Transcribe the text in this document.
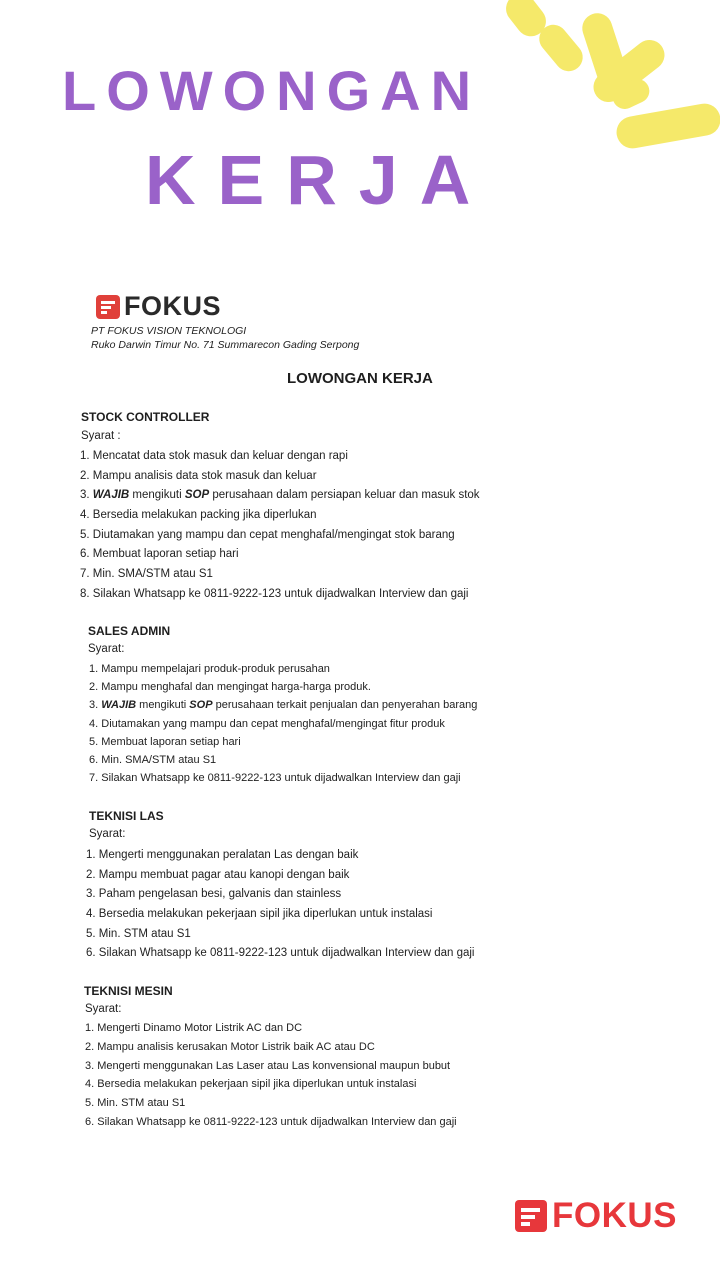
LOWONGAN
KERJA
FOKUS
PT FOKUS VISION TEKNOLOGI
Ruko Darwin Timur No. 71 Summarecon Gading Serpong
LOWONGAN KERJA
STOCK CONTROLLER
Syarat :
1. Mencatat data stok masuk dan keluar dengan rapi
2. Mampu analisis data stok masuk dan keluar
3. WAJIB mengikuti SOP perusahaan dalam persiapan keluar dan masuk stok
4. Bersedia melakukan packing jika diperlukan
5. Diutamakan yang mampu dan cepat menghafal/mengingat stok barang
6. Membuat laporan setiap hari
7. Min. SMA/STM atau S1
8. Silakan Whatsapp ke 0811-9222-123 untuk dijadwalkan Interview dan gaji
SALES ADMIN
Syarat:
1. Mampu mempelajari produk-produk perusahan
2. Mampu menghafal dan mengingat harga-harga produk.
3. WAJIB mengikuti SOP perusahaan terkait penjualan dan penyerahan barang
4. Diutamakan yang mampu dan cepat menghafal/mengingat fitur produk
5. Membuat laporan setiap hari
6. Min. SMA/STM atau S1
7. Silakan Whatsapp ke 0811-9222-123 untuk dijadwalkan Interview dan gaji
TEKNISI LAS
Syarat:
1. Mengerti menggunakan peralatan Las dengan baik
2. Mampu membuat pagar atau kanopi dengan baik
3. Paham pengelasan besi, galvanis dan stainless
4. Bersedia melakukan pekerjaan sipil jika diperlukan untuk instalasi
5. Min. STM atau S1
6. Silakan Whatsapp ke 0811-9222-123 untuk dijadwalkan Interview dan gaji
TEKNISI MESIN
Syarat:
1. Mengerti Dinamo Motor Listrik AC dan DC
2. Mampu analisis kerusakan Motor Listrik baik AC atau DC
3. Mengerti menggunakan Las Laser atau Las konvensional maupun bubut
4. Bersedia melakukan pekerjaan sipil jika diperlukan untuk instalasi
5. Min. STM atau S1
6. Silakan Whatsapp ke 0811-9222-123 untuk dijadwalkan Interview dan gaji
FOKUS
